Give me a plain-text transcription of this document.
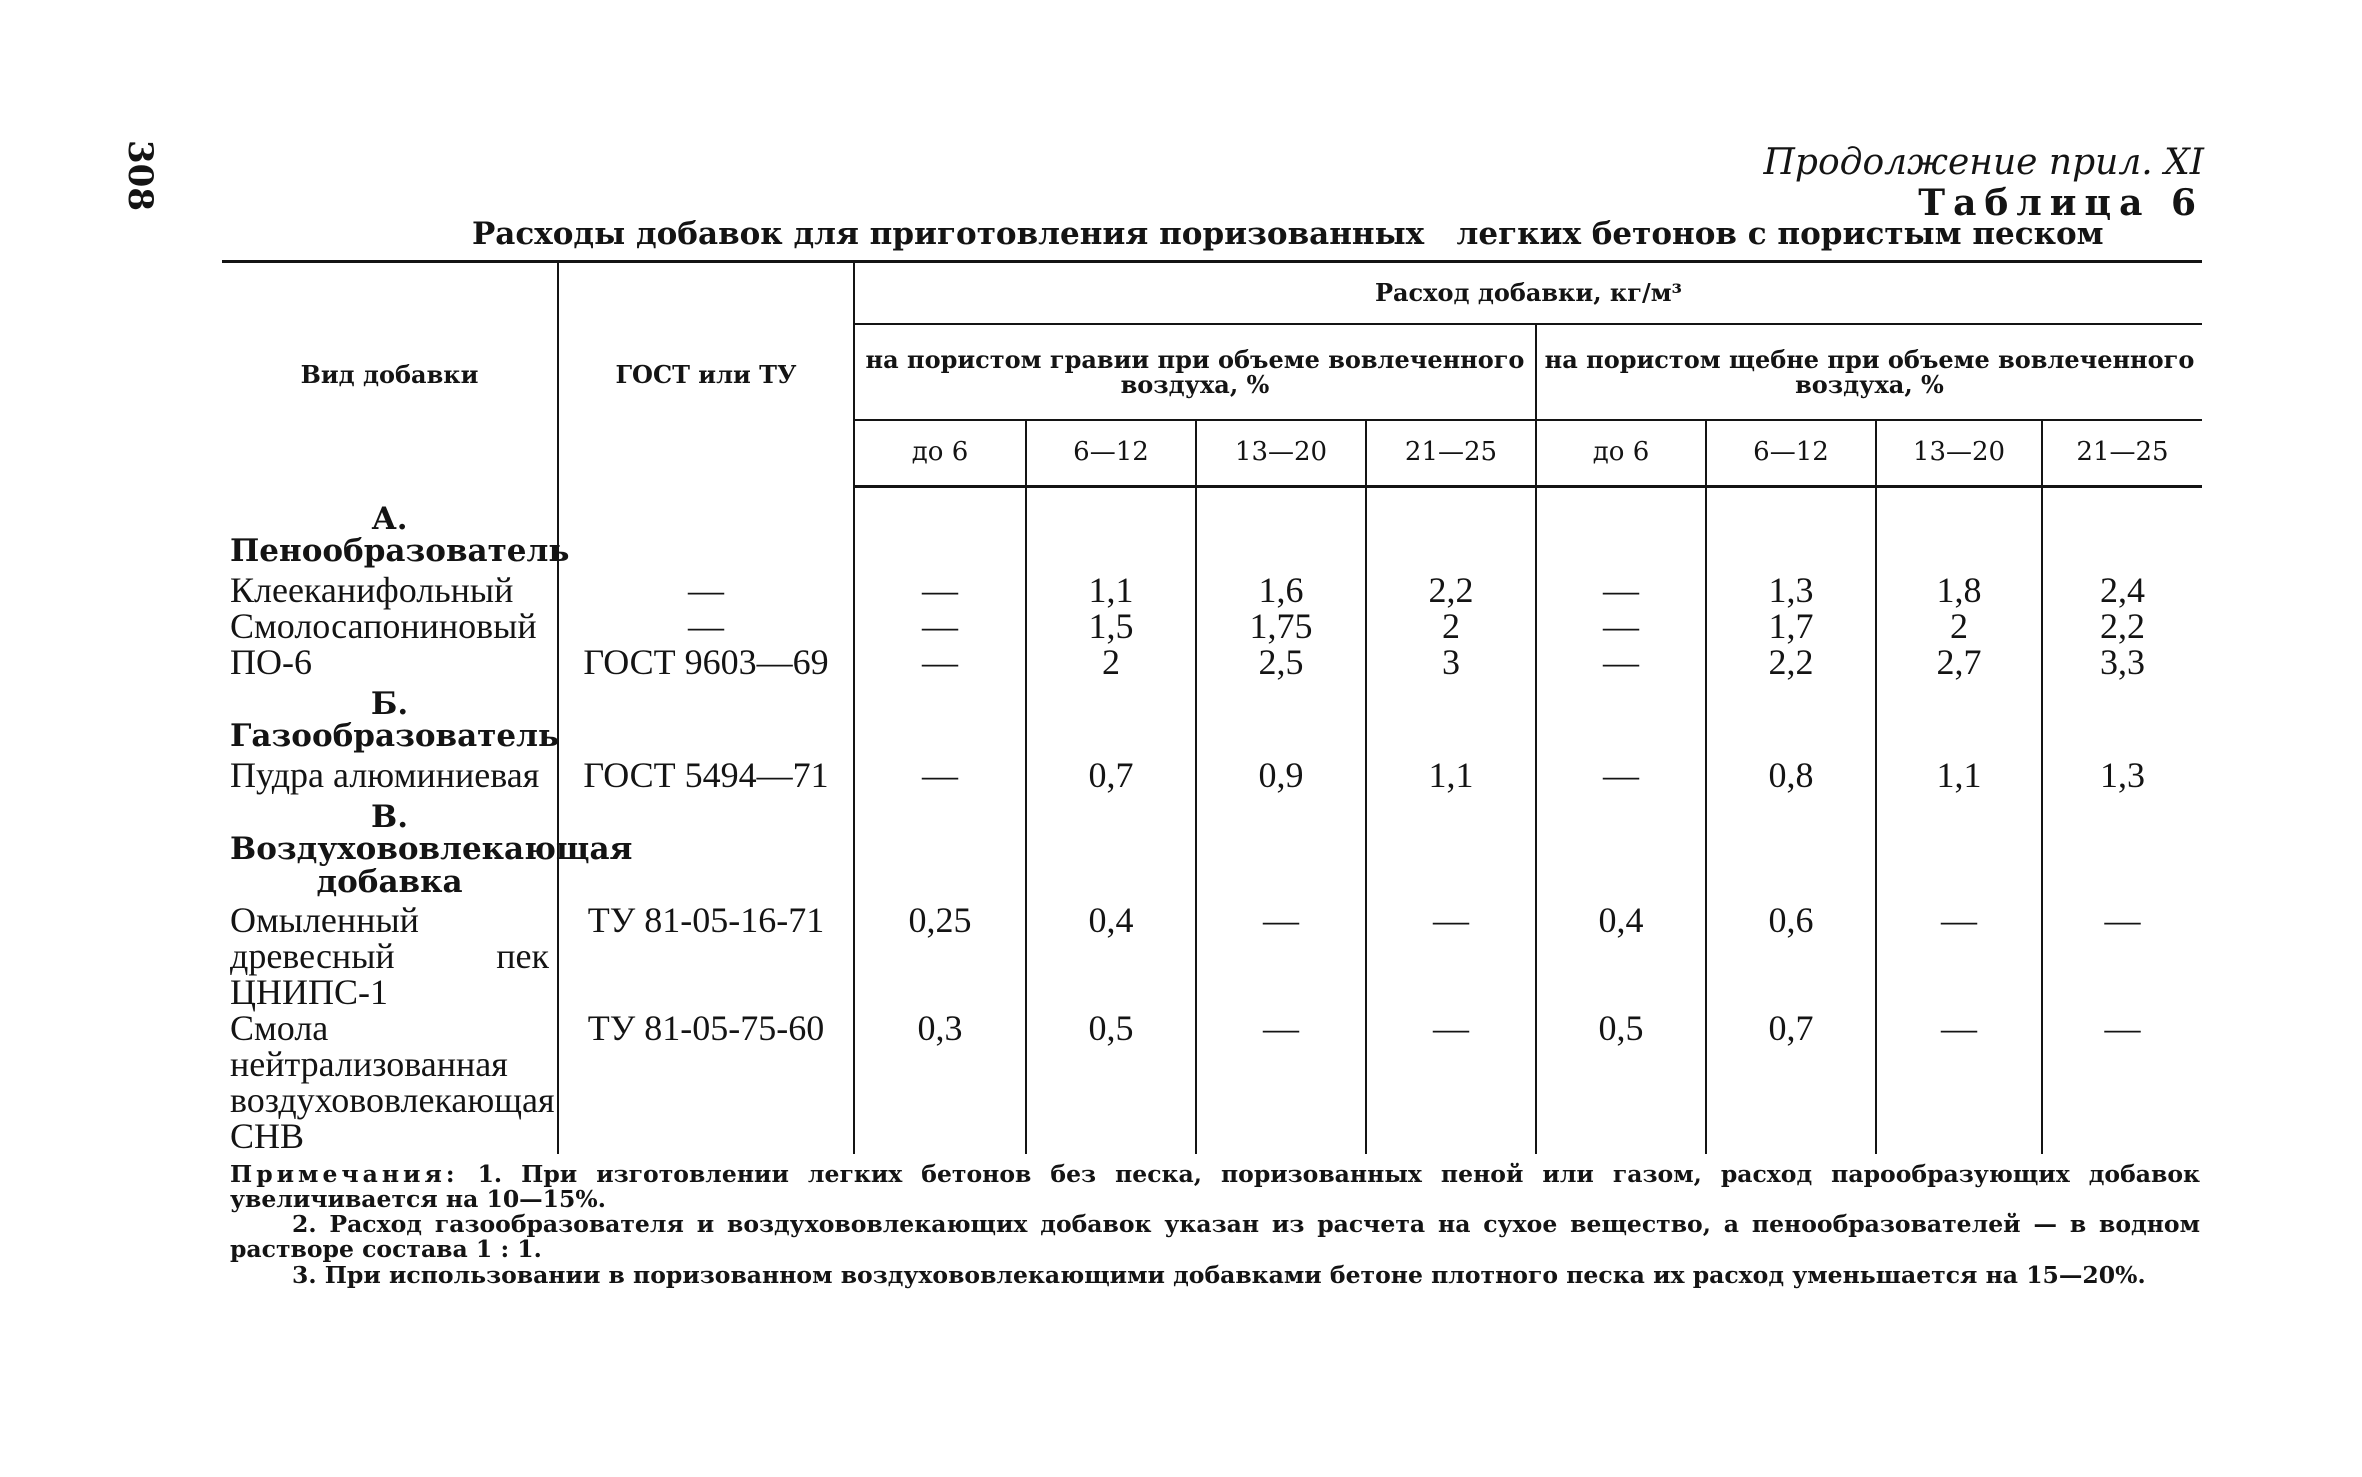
308	Продолжение прил. XI
Таблица 6
Расходы добавок для приготовления поризованных   легких бетонов с пористым песком
Вид добавки	ГОСТ или ТУ	Расход добавки, кг/м³							
		на пористом гравии при объеме вовлеченного воздуха, %				на пористом щебне при объеме вовлеченного воздуха, %			
		до 6	6—12	13—20	21—25	до 6	6—12	13—20	21—25
А. Пенообразователь									
Клееканифольный	—	—	1,1	1,6	2,2	—	1,3	1,8	2,4
Смолосапониновый	—	—	1,5	1,75	2	—	1,7	2	2,2
ПО-6	ГОСТ 9603—69	—	2	2,5	3	—	2,2	2,7	3,3
Б. Газообразователь									
Пудра алюминиевая	ГОСТ 5494—71	—	0,7	0,9	1,1	—	0,8	1,1	1,3
В. Воздухововлекающая добавка									
Омыленный древесный пек ЦНИПС-1	ТУ 81-05-16-71	0,25	0,4	—	—	0,4	0,6	—	—
Смола нейтрализованная воздухововлекающая СНВ	ТУ 81-05-75-60	0,3	0,5	—	—	0,5	0,7	—	—

Примечания: 1. При изготовлении легких бетонов без песка, поризованных пеной или газом, расход парообразующих добавок увеличивается на 10—15%.

2. Расход газообразователя и воздухововлекающих добавок указан из расчета на сухое вещество, а пенообразователей — в водном растворе состава 1 : 1.

3. При использовании в поризованном воздухововлекающими добавками бетоне плотного песка их расход уменьшается на 15—20%.
